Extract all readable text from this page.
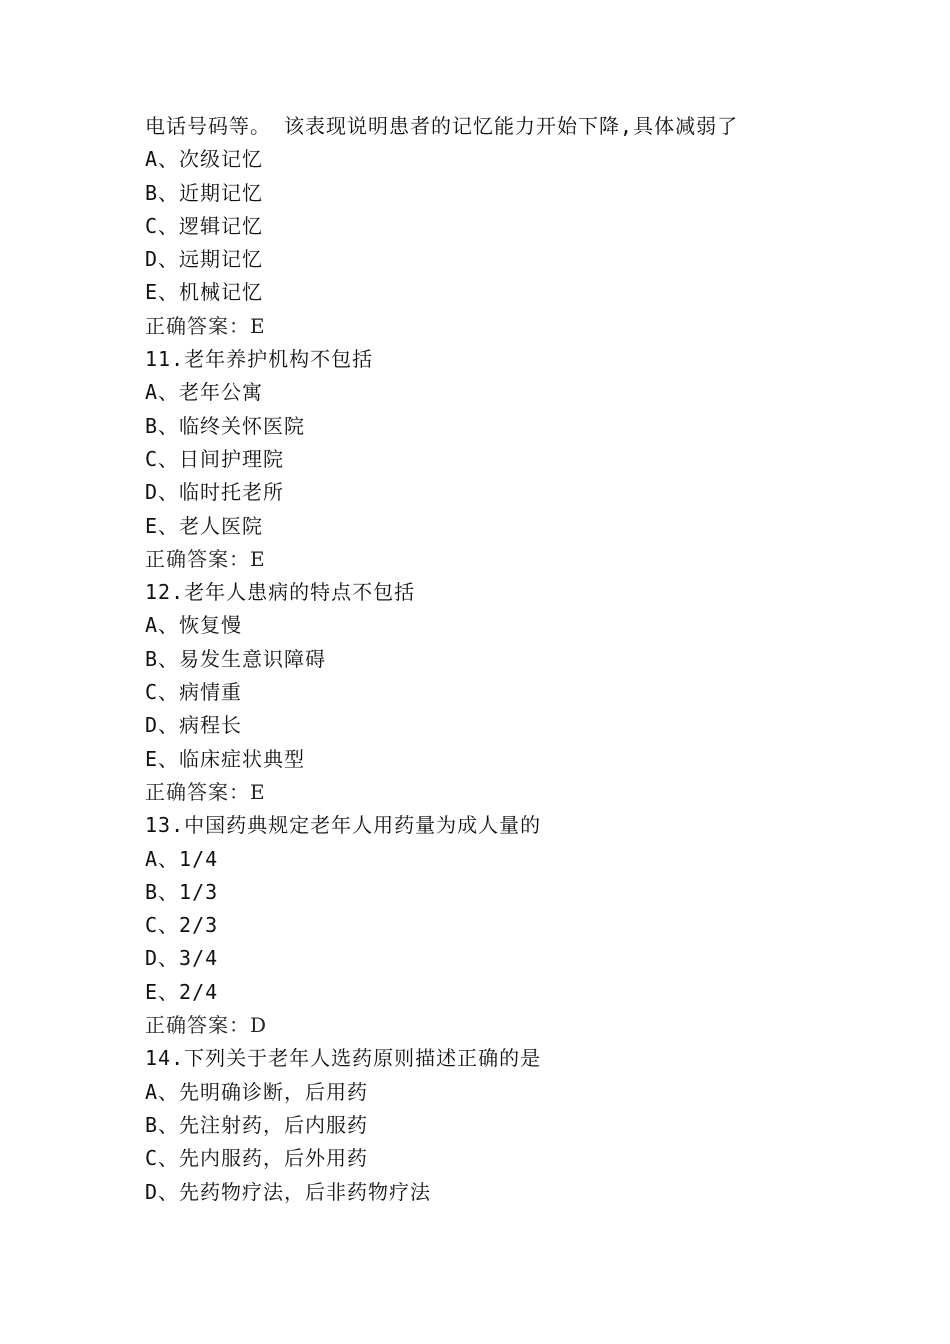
电话号码等。 该表现说明患者的记忆能力开始下降,具体减弱了
A、次级记忆
B、近期记忆
C、逻辑记忆
D、远期记忆
E、机械记忆
正确答案：E
11.老年养护机构不包括
A、老年公寓
B、临终关怀医院
C、日间护理院
D、临时托老所
E、老人医院
正确答案：E
12.老年人患病的特点不包括
A、恢复慢
B、易发生意识障碍
C、病情重
D、病程长
E、临床症状典型
正确答案：E
13.中国药典规定老年人用药量为成人量的
A、1/4
B、1/3
C、2/3
D、3/4
E、2/4
正确答案：D
14.下列关于老年人选药原则描述正确的是
A、先明确诊断，后用药
B、先注射药，后内服药
C、先内服药，后外用药
D、先药物疗法，后非药物疗法
